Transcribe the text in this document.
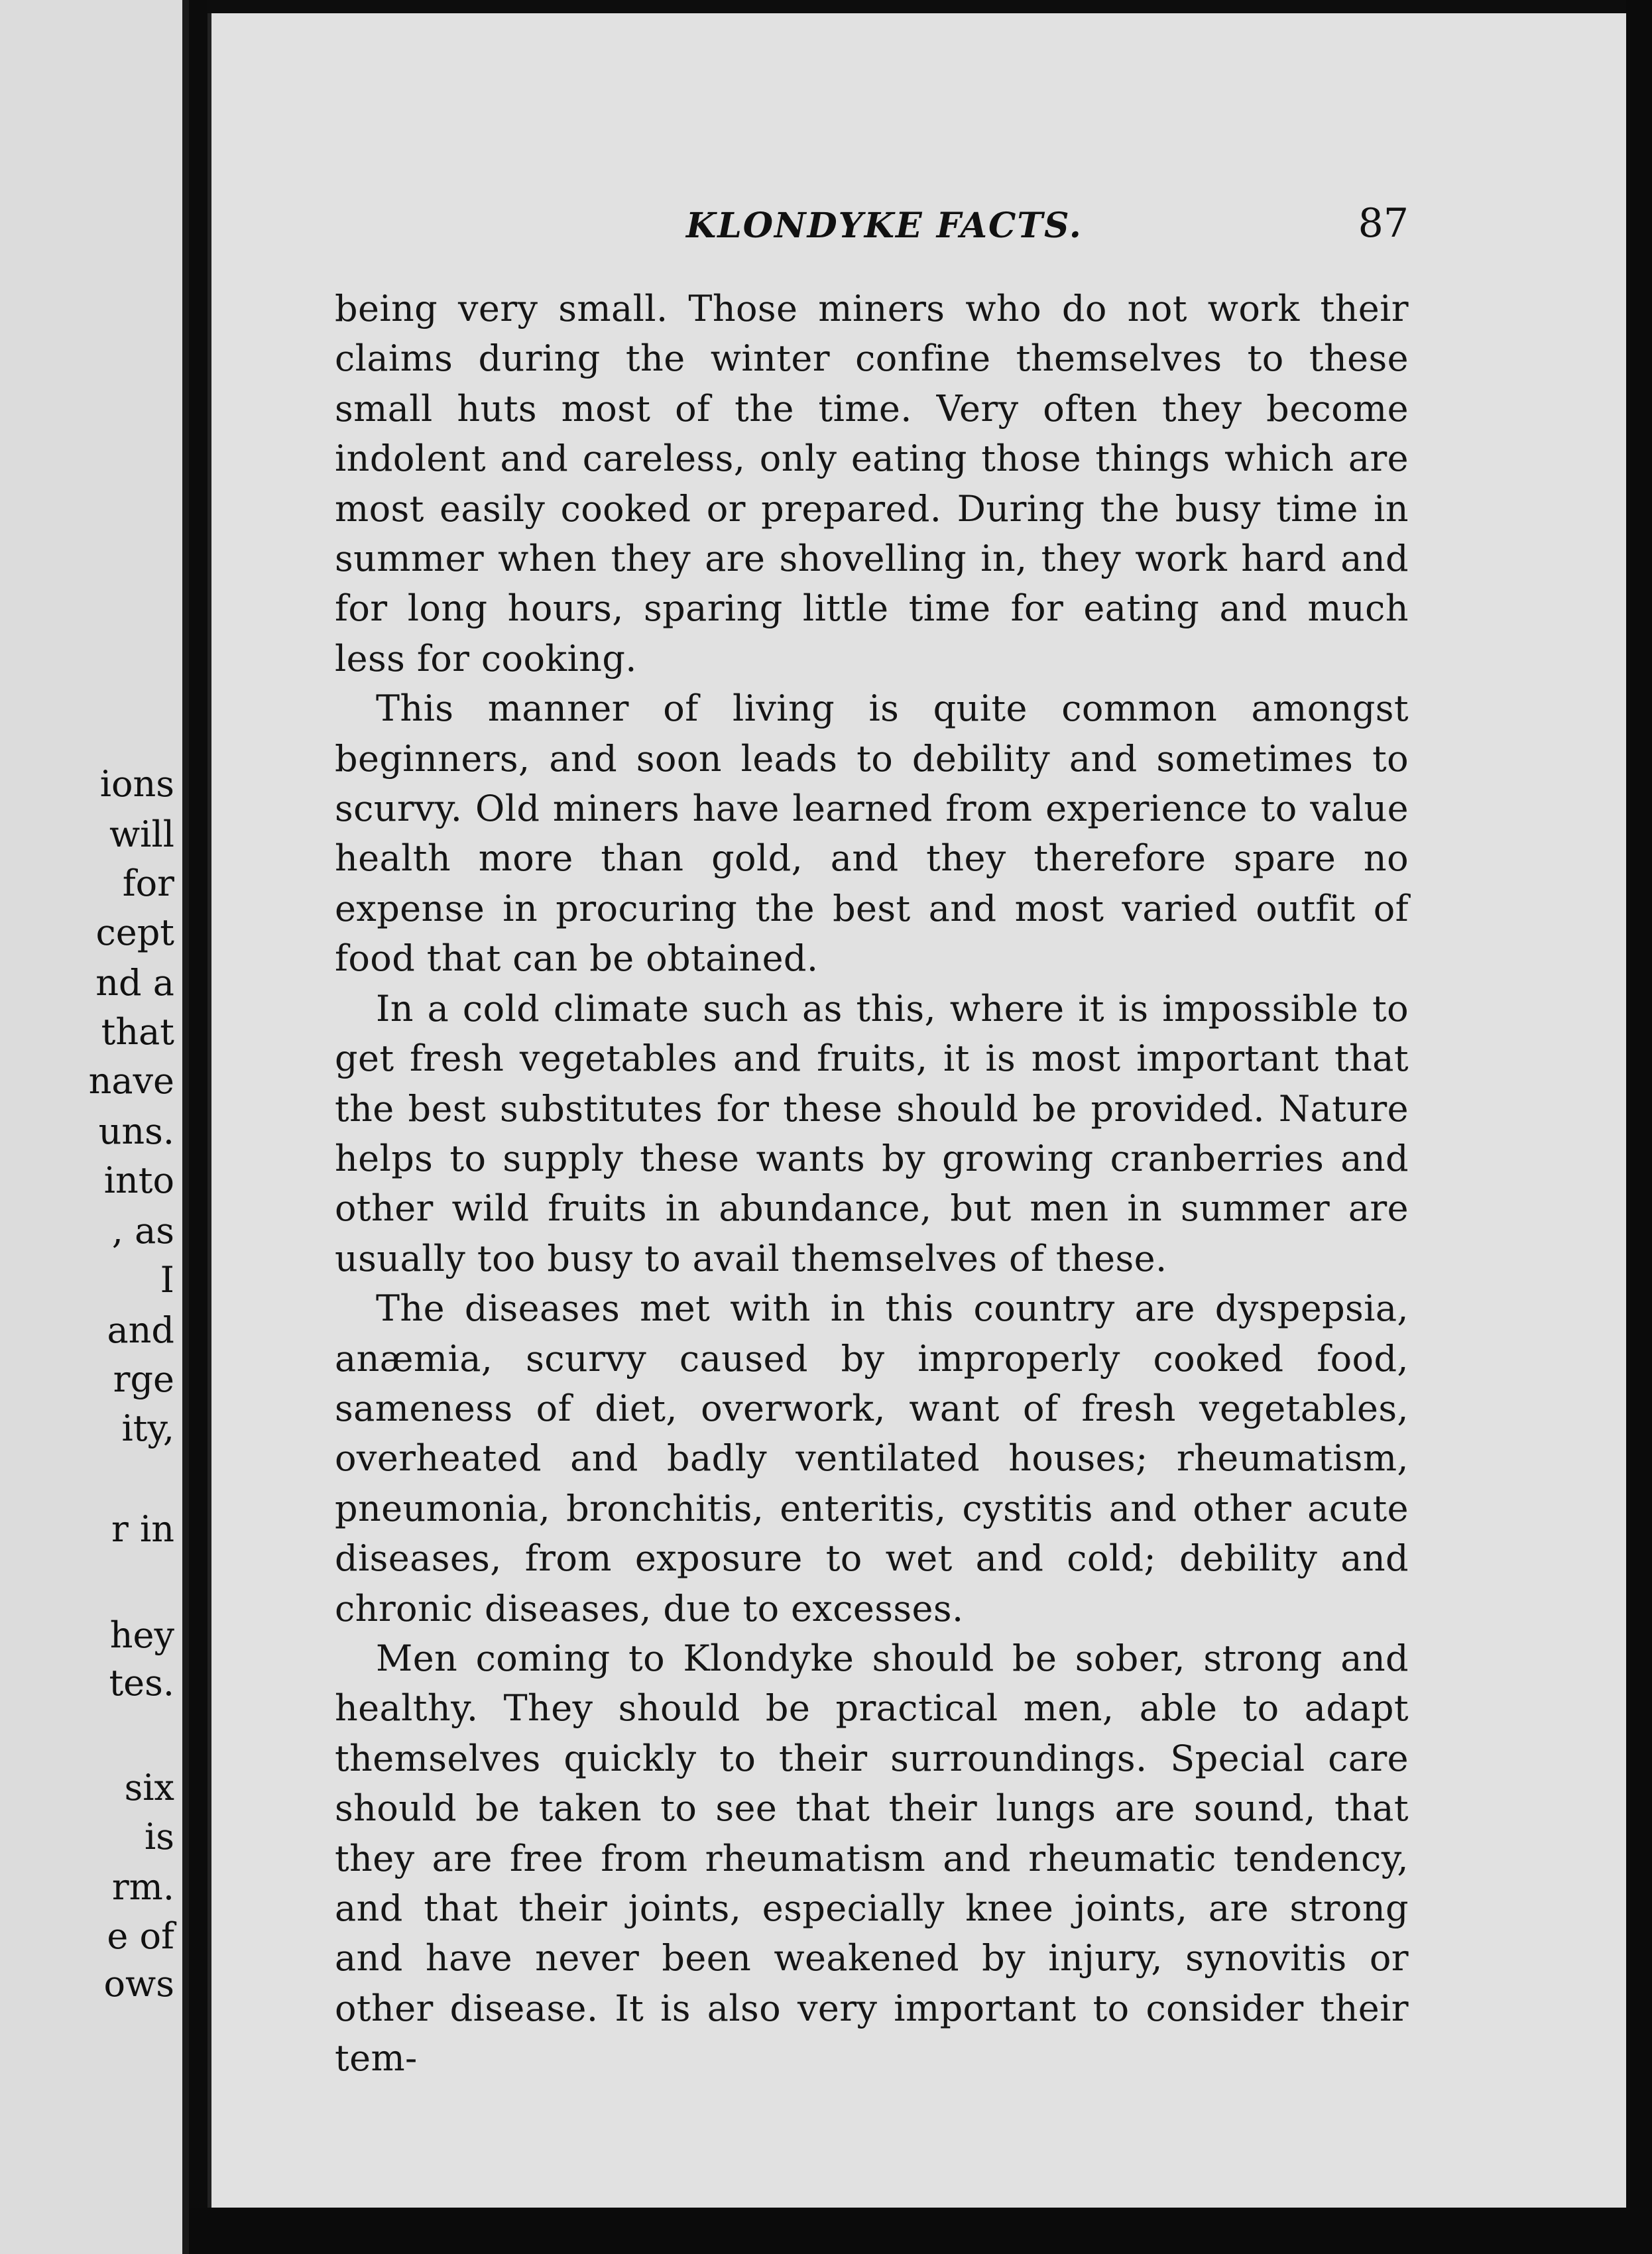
ions

will

for

cept

nd a

that

nave

uns.

into

, as

I

and

rge

ity,

r in

hey

tes.

six

is

rm.

e of

ows

KLONDYKE FACTS.	87

being very small. Those miners who do not work their claims during the winter confine themselves to these small huts most of the time. Very often they become indolent and careless, only eating those things which are most easily cooked or prepared. During the busy time in summer when they are shovelling in, they work hard and for long hours, sparing little time for eating and much less for cooking.

This manner of living is quite common amongst beginners, and soon leads to debility and sometimes to scurvy. Old miners have learned from experience to value health more than gold, and they therefore spare no expense in procuring the best and most varied outfit of food that can be obtained.

In a cold climate such as this, where it is impossible to get fresh vegetables and fruits, it is most important that the best substitutes for these should be provided. Nature helps to supply these wants by growing cranberries and other wild fruits in abundance, but men in summer are usually too busy to avail themselves of these.

The diseases met with in this country are dyspepsia, anæmia, scurvy caused by improperly cooked food, sameness of diet, overwork, want of fresh vegetables, overheated and badly ventilated houses; rheumatism, pneumonia, bronchitis, enteritis, cystitis and other acute diseases, from exposure to wet and cold; debility and chronic diseases, due to excesses.

Men coming to Klondyke should be sober, strong and healthy. They should be practical men, able to adapt themselves quickly to their surroundings. Special care should be taken to see that their lungs are sound, that they are free from rheumatism and rheumatic tendency, and that their joints, especially knee joints, are strong and have never been weakened by injury, synovitis or other disease. It is also very important to consider their tem-
